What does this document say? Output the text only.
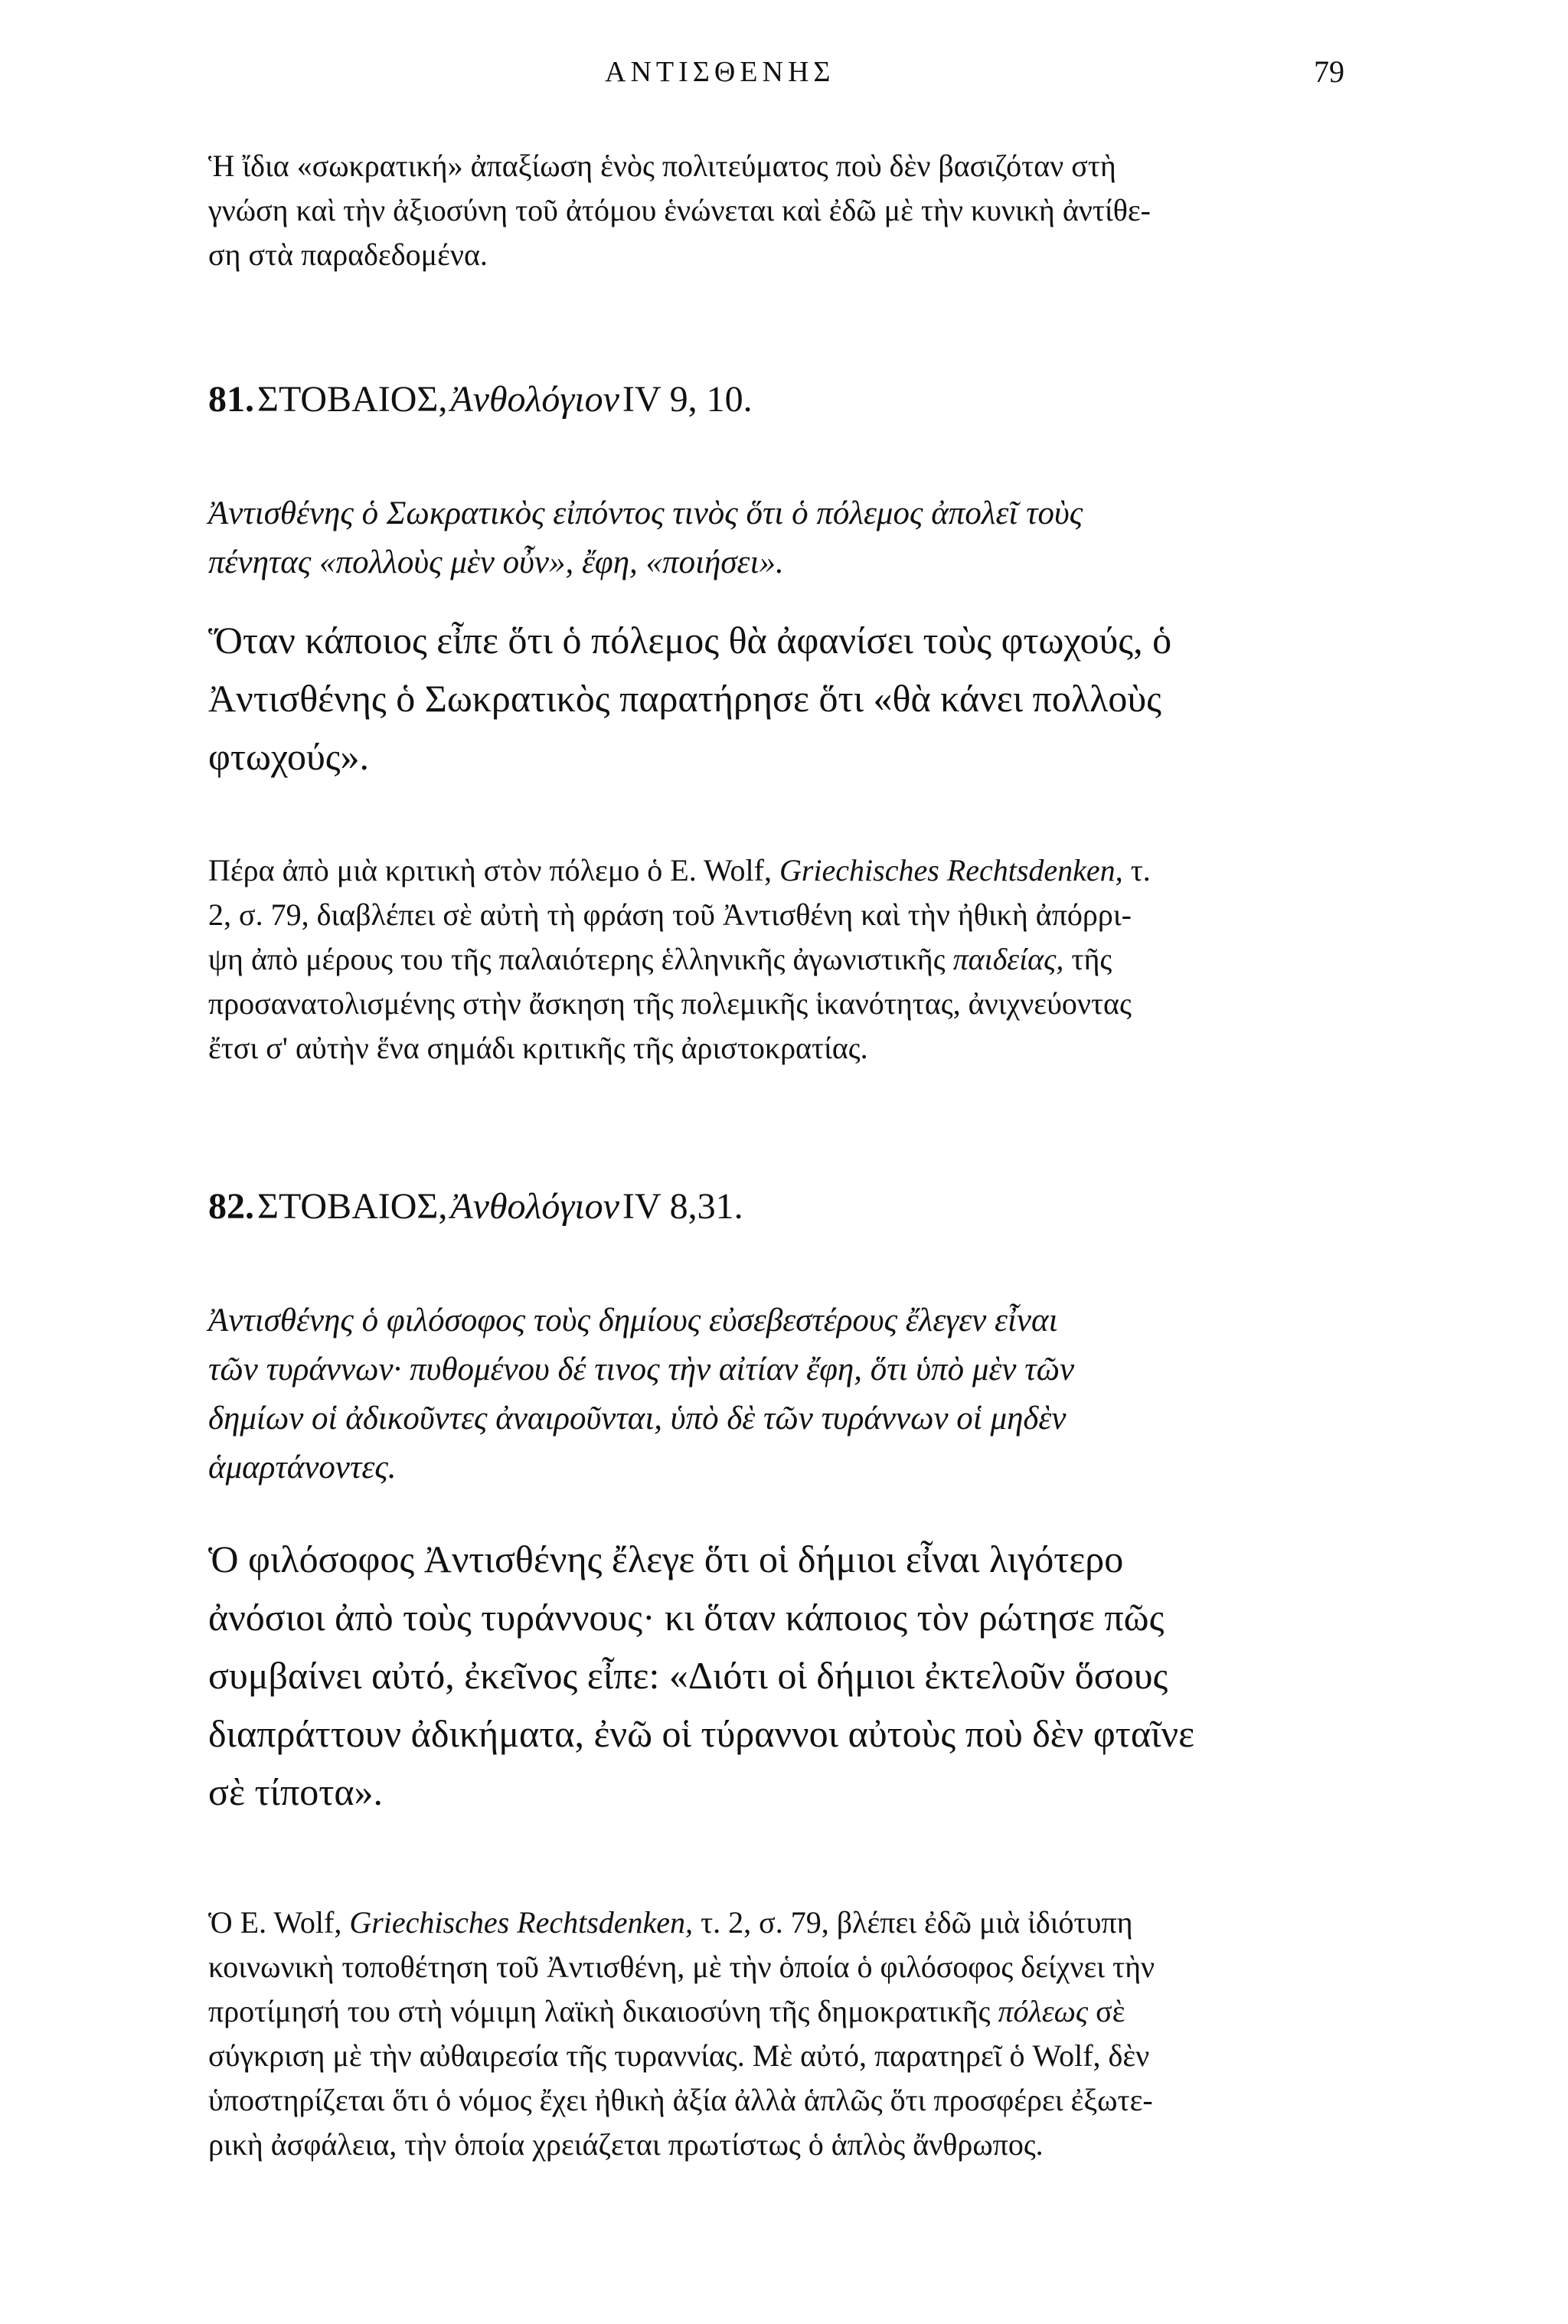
ΑΝΤΙΣΘΕΝΗΣ	79
Ἡ ἴδια «σωκρατική» ἀπαξίωση ἑνὸς πολιτεύματος ποὺ δὲν βασιζόταν στὴ
γνώση καὶ τὴν ἀξιοσύνη τοῦ ἀτόμου ἑνώνεται καὶ ἐδῶ μὲ τὴν κυνικὴ ἀντίθε-
ση στὰ παραδεδομένα.
81. ΣΤΟΒΑΙΟΣ, Ἀνθολόγιον IV 9, 10.
Ἀντισθένης ὁ Σωκρατικὸς εἰπόντος τινὸς ὅτι ὁ πόλεμος ἀπολεῖ τοὺς
πένητας «πολλοὺς μὲν οὖν», ἔφη, «ποιήσει».
Ὅταν κάποιος εἶπε ὅτι ὁ πόλεμος θὰ ἀφανίσει τοὺς φτωχούς, ὁ
Ἀντισθένης ὁ Σωκρατικὸς παρατήρησε ὅτι «θὰ κάνει πολλοὺς
φτωχούς».
Πέρα ἀπὸ μιὰ κριτικὴ στὸν πόλεμο ὁ E. Wolf, Griechisches Rechtsdenken, τ.
2, σ. 79, διαβλέπει σὲ αὐτὴ τὴ φράση τοῦ Ἀντισθένη καὶ τὴν ἠθικὴ ἀπόρρι-
ψη ἀπὸ μέρους του τῆς παλαιότερης ἑλληνικῆς ἀγωνιστικῆς παιδείας, τῆς
προσανατολισμένης στὴν ἄσκηση τῆς πολεμικῆς ἱκανότητας, ἀνιχνεύοντας
ἔτσι σ' αὐτὴν ἕνα σημάδι κριτικῆς τῆς ἀριστοκρατίας.
82. ΣΤΟΒΑΙΟΣ, Ἀνθολόγιον IV 8,31.
Ἀντισθένης ὁ φιλόσοφος τοὺς δημίους εὐσεβεστέρους ἔλεγεν εἶναι
τῶν τυράννων· πυθομένου δέ τινος τὴν αἰτίαν ἔφη, ὅτι ὑπὸ μὲν τῶν
δημίων οἱ ἀδικοῦντες ἀναιροῦνται, ὑπὸ δὲ τῶν τυράννων οἱ μηδὲν
ἁμαρτάνοντες.
Ὁ φιλόσοφος Ἀντισθένης ἔλεγε ὅτι οἱ δήμιοι εἶναι λιγότερο
ἀνόσιοι ἀπὸ τοὺς τυράννους· κι ὅταν κάποιος τὸν ρώτησε πῶς
συμβαίνει αὐτό, ἐκεῖνος εἶπε: «Διότι οἱ δήμιοι ἐκτελοῦν ὅσους
διαπράττουν ἀδικήματα, ἐνῶ οἱ τύραννοι αὐτοὺς ποὺ δὲν φταῖνε
σὲ τίποτα».
Ὁ E. Wolf, Griechisches Rechtsdenken, τ. 2, σ. 79, βλέπει ἐδῶ μιὰ ἰδιότυπη
κοινωνικὴ τοποθέτηση τοῦ Ἀντισθένη, μὲ τὴν ὁποία ὁ φιλόσοφος δείχνει τὴν
προτίμησή του στὴ νόμιμη λαϊκὴ δικαιοσύνη τῆς δημοκρατικῆς πόλεως σὲ
σύγκριση μὲ τὴν αὐθαιρεσία τῆς τυραννίας. Μὲ αὐτό, παρατηρεῖ ὁ Wolf, δὲν
ὑποστηρίζεται ὅτι ὁ νόμος ἔχει ἠθικὴ ἀξία ἀλλὰ ἁπλῶς ὅτι προσφέρει ἐξωτε-
ρικὴ ἀσφάλεια, τὴν ὁποία χρειάζεται πρωτίστως ὁ ἁπλὸς ἄνθρωπος.
